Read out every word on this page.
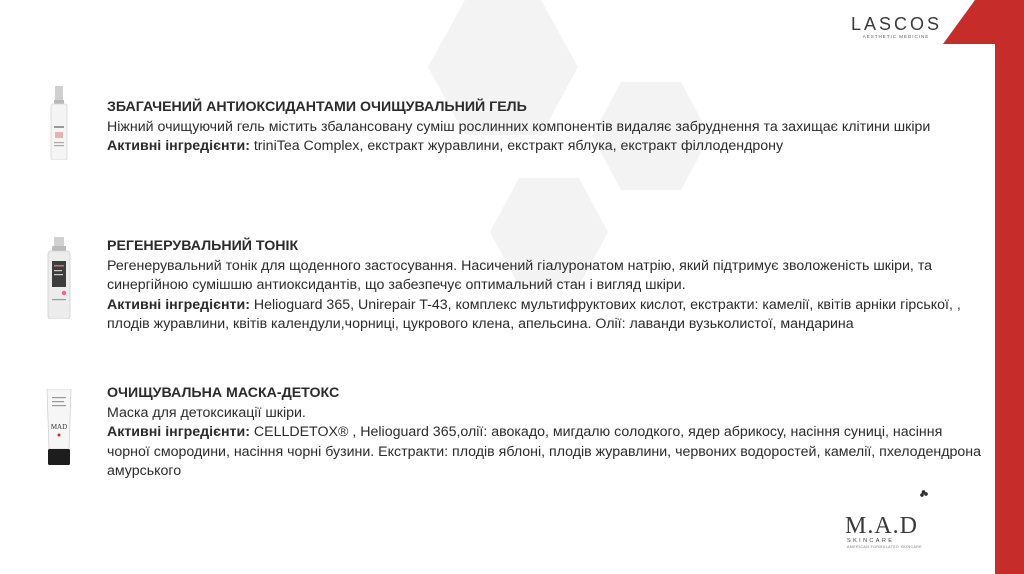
LASCOS
AESTHETIC MEDICINE
MAD

ЗБАГАЧЕНИЙ АНТИОКСИДАНТАМИ ОЧИЩУВАЛЬНИЙ ГЕЛЬ

Ніжний очищуючий гель містить збалансовану суміш рослинних компонентів видаляє забруднення та захищає клітини шкіри

Активні інгредієнти: triniTea Complex, екстракт журавлини, екстракт яблука, екстракт філлодендрону

РЕГЕНЕРУВАЛЬНИЙ ТОНІК

Регенерувальний тонік для щоденного застосування. Насичений гіалуронатом натрію, який підтримує зволоженість шкіри, та синергійною сумішшю антиоксидантів, що забезпечує оптимальний стан і вигляд шкіри.

Активні інгредієнти: Helioguard 365, Unirepair T-43, комплекс мультифруктових кислот, екстракти: камелії, квітів арніки гірської, , плодів журавлини, квітів календули,чорниці, цукрового клена, апельсина. Олії: лаванди вузьколистої, мандарина

ОЧИЩУВАЛЬНА МАСКА-ДЕТОКС

Маска для детоксикації шкіри.

Активні інгредієнти: CELLDETOX® , Helioguard 365,олії: авокадо, мигдалю солодкого, ядер абрикосу, насіння суниці, насіння чорної смородини, насіння чорні бузини. Екстракти: плодів яблоні, плодів журавлини, червоних водоростей, камелії, пхелодендрона амурського

M.A.D
SKINCARE
AMERICAN FORMULATED SKINCARE
